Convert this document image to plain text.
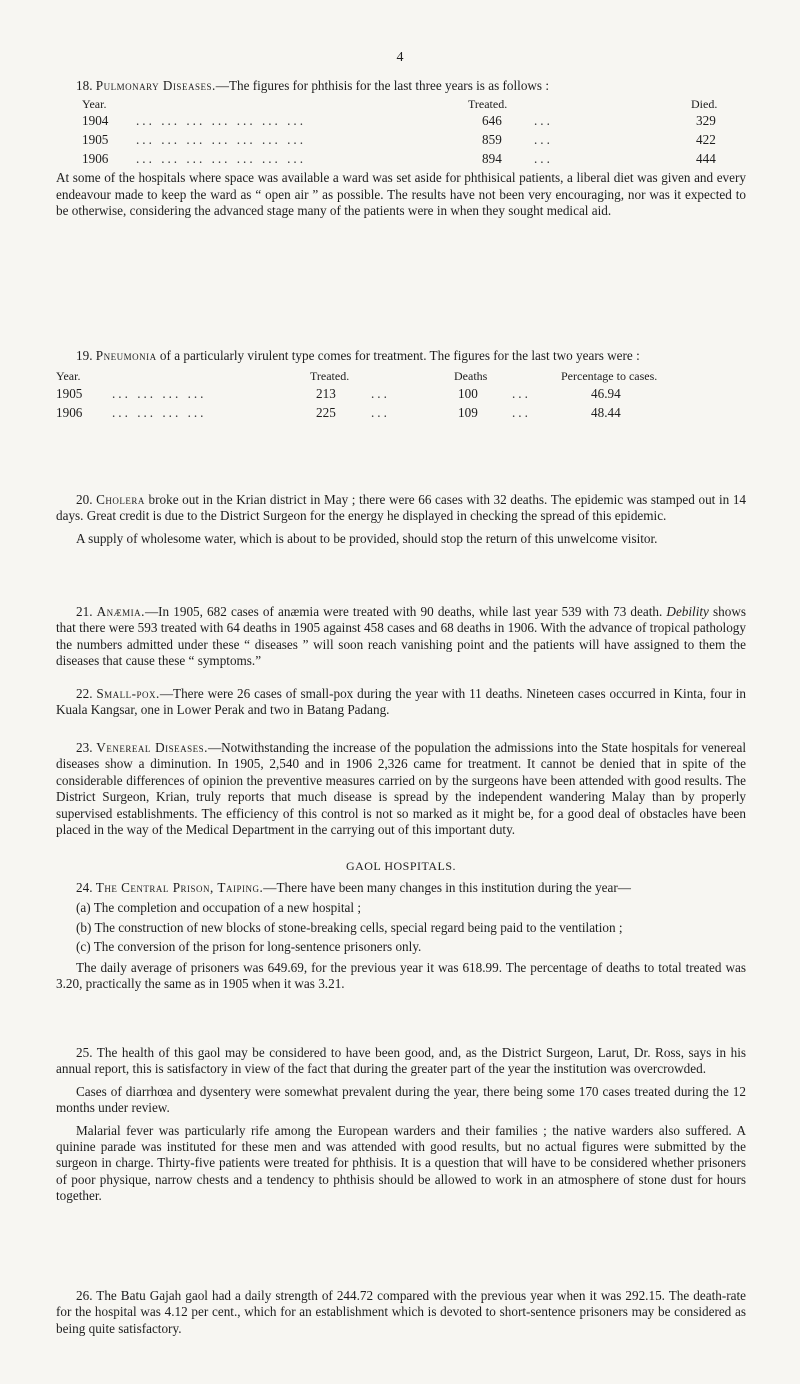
4

18. Pulmonary Diseases.—The figures for phthisis for the last three years is as follows :

Year.	Treated.	Died.
1904 ... ... ... ... ... ... ...	646 ...	329
1905 ... ... ... ... ... ... ...	859 ...	422
1906 ... ... ... ... ... ... ...	894 ...	444

At some of the hospitals where space was available a ward was set aside for phthisical patients, a liberal diet was given and every endeavour made to keep the ward as “ open air ” as possible. The results have not been very encouraging, nor was it expected to be otherwise, considering the advanced stage many of the patients were in when they sought medical aid.

19. Pneumonia of a particularly virulent type comes for treatment. The figures for the last two years were :

Year.	Treated.	Deaths	Percentage to cases.
1905 ... ... ... ...	213	...	100	...	46.94
1906 ... ... ... ...	225	...	109	...	48.44

20. Cholera broke out in the Krian district in May ; there were 66 cases with 32 deaths. The epidemic was stamped out in 14 days. Great credit is due to the District Surgeon for the energy he displayed in checking the spread of this epidemic.

A supply of wholesome water, which is about to be provided, should stop the return of this unwelcome visitor.

21. Anæmia.—In 1905, 682 cases of anæmia were treated with 90 deaths, while last year 539 with 73 death. Debility shows that there were 593 treated with 64 deaths in 1905 against 458 cases and 68 deaths in 1906. With the advance of tropical pathology the numbers admitted under these “ diseases ” will soon reach vanishing point and the patients will have assigned to them the diseases that cause these “ symptoms.”

22. Small-pox.—There were 26 cases of small-pox during the year with 11 deaths. Nineteen cases occurred in Kinta, four in Kuala Kangsar, one in Lower Perak and two in Batang Padang.

23. Venereal Diseases.—Notwithstanding the increase of the population the admissions into the State hospitals for venereal diseases show a diminution. In 1905, 2,540 and in 1906 2,326 came for treatment. It cannot be denied that in spite of the considerable differences of opinion the preventive measures carried on by the surgeons have been attended with good results. The District Surgeon, Krian, truly reports that much disease is spread by the independent wandering Malay than by properly supervised establishments. The efficiency of this control is not so marked as it might be, for a good deal of obstacles have been placed in the way of the Medical Department in the carrying out of this important duty.

GAOL HOSPITALS.

24. The Central Prison, Taiping.—There have been many changes in this institution during the year—

(a) The completion and occupation of a new hospital ;

(b) The construction of new blocks of stone-breaking cells, special regard being paid to the ventilation ;

(c) The conversion of the prison for long-sentence prisoners only.

The daily average of prisoners was 649.69, for the previous year it was 618.99. The percentage of deaths to total treated was 3.20, practically the same as in 1905 when it was 3.21.

25. The health of this gaol may be considered to have been good, and, as the District Surgeon, Larut, Dr. Ross, says in his annual report, this is satisfactory in view of the fact that during the greater part of the year the institution was overcrowded.

Cases of diarrhœa and dysentery were somewhat prevalent during the year, there being some 170 cases treated during the 12 months under review.

Malarial fever was particularly rife among the European warders and their families ; the native warders also suffered. A quinine parade was instituted for these men and was attended with good results, but no actual figures were submitted by the surgeon in charge. Thirty-five patients were treated for phthisis. It is a question that will have to be considered whether prisoners of poor physique, narrow chests and a tendency to phthisis should be allowed to work in an atmosphere of stone dust for hours together.

26. The Batu Gajah gaol had a daily strength of 244.72 compared with the previous year when it was 292.15. The death-rate for the hospital was 4.12 per cent., which for an establishment which is devoted to short-sentence prisoners may be considered as being quite satisfactory.
